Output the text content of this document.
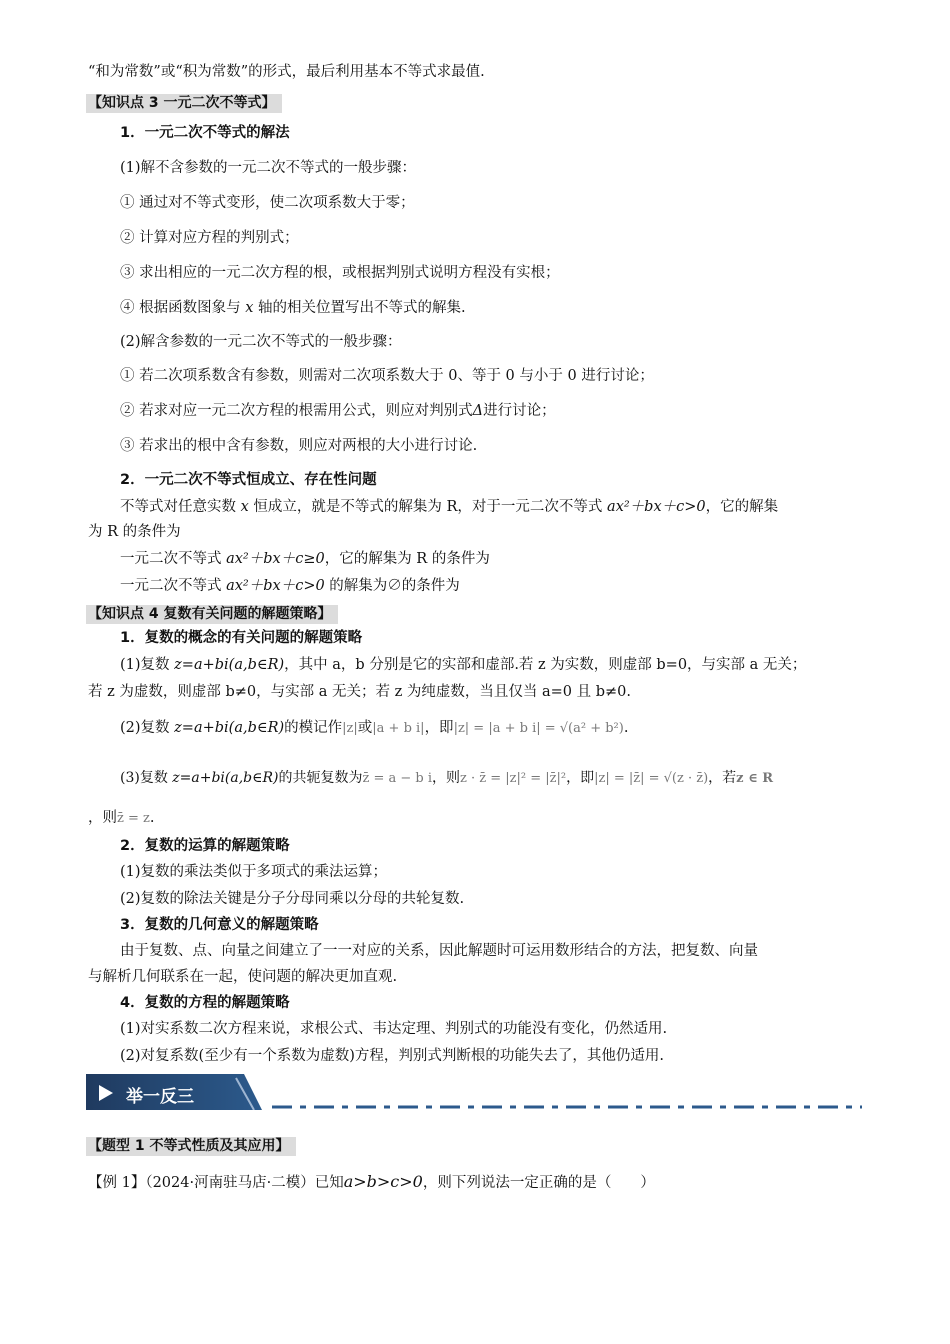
“和为常数”或“积为常数”的形式，最后利用基本不等式求最值.
【知识点 3 一元二次不等式】
1．一元二次不等式的解法
(1)解不含参数的一元二次不等式的一般步骤：
① 通过对不等式变形，使二次项系数大于零；
② 计算对应方程的判别式；
③ 求出相应的一元二次方程的根，或根据判别式说明方程没有实根；
④ 根据函数图象与 x 轴的相关位置写出不等式的解集.
(2)解含参数的一元二次不等式的一般步骤：
① 若二次项系数含有参数，则需对二次项系数大于 0、等于 0 与小于 0 进行讨论；
② 若求对应一元二次方程的根需用公式，则应对判别式Δ进行讨论；
③ 若求出的根中含有参数，则应对两根的大小进行讨论.
2．一元二次不等式恒成立、存在性问题
不等式对任意实数 x 恒成立，就是不等式的解集为 R，对于一元二次不等式 ax²＋bx＋c>0，它的解集
为 R 的条件为
一元二次不等式 ax²＋bx＋c≥0，它的解集为 R 的条件为
一元二次不等式 ax²＋bx＋c>0 的解集为∅的条件为
【知识点 4 复数有关问题的解题策略】
1．复数的概念的有关问题的解题策略
(1)复数 z=a+bi(a,b∈R)，其中 a，b 分别是它的实部和虚部.若 z 为实数，则虚部 b=0，与实部 a 无关；
若 z 为虚数，则虚部 b≠0，与实部 a 无关；若 z 为纯虚数，当且仅当 a=0 且 b≠0.
(2)复数 z=a+bi(a,b∈R)的模记作|z|或|a + b i|，即|z| = |a + b i| = √(a² + b²).
(3)复数 z=a+bi(a,b∈R)的共轭复数为z̄ = a − b i，则z · z̄ = |z|² = |z̄|²，即|z| = |z̄| = √(z · z̄)，若z ∈ R
，则z̄ = z.
2．复数的运算的解题策略
(1)复数的乘法类似于多项式的乘法运算；
(2)复数的除法关键是分子分母同乘以分母的共轮复数.
3．复数的几何意义的解题策略
由于复数、点、向量之间建立了一一对应的关系，因此解题时可运用数形结合的方法，把复数、向量
与解析几何联系在一起，使问题的解决更加直观.
4．复数的方程的解题策略
(1)对实系数二次方程来说，求根公式、韦达定理、判别式的功能没有变化，仍然适用.
(2)对复系数(至少有一个系数为虚数)方程，判别式判断根的功能失去了，其他仍适用.
举一反三
【题型 1 不等式性质及其应用】
【例 1】（2024·河南驻马店·二模）已知a>b>c>0，则下列说法一定正确的是（　　）
